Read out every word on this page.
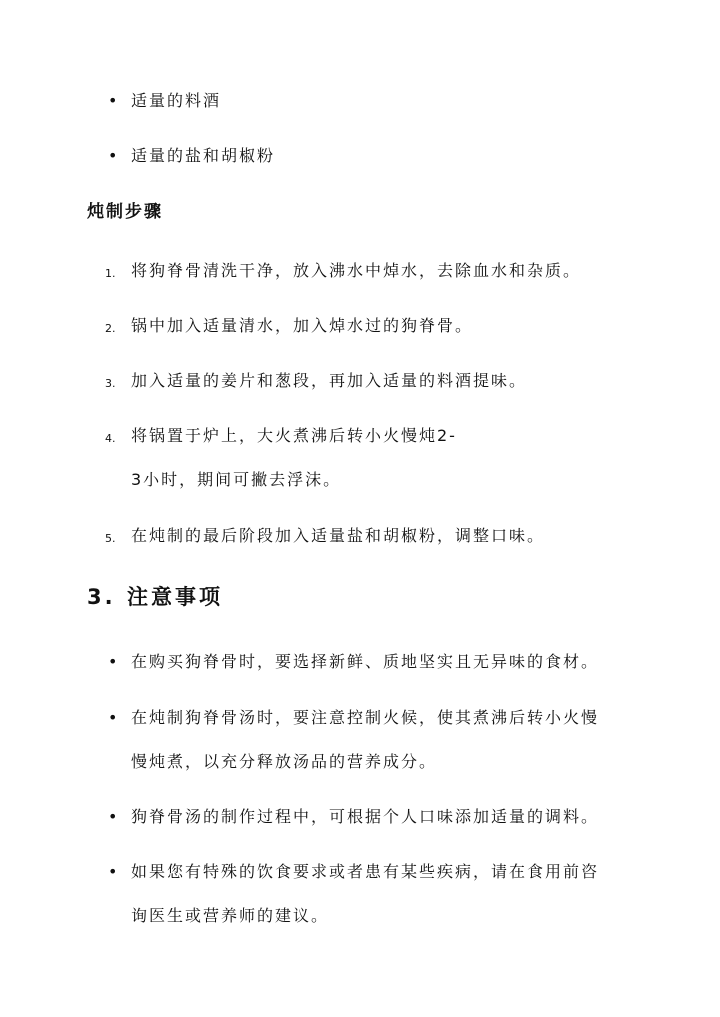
• 适量的料酒
• 适量的盐和胡椒粉
炖制步骤
1. 将狗脊骨清洗干净，放入沸水中焯水，去除血水和杂质。
2. 锅中加入适量清水，加入焯水过的狗脊骨。
3. 加入适量的姜片和葱段，再加入适量的料酒提味。
4. 将锅置于炉上，大火煮沸后转小火慢炖2-
3小时，期间可撇去浮沫。
5. 在炖制的最后阶段加入适量盐和胡椒粉，调整口味。
3. 注意事项
• 在购买狗脊骨时，要选择新鲜、质地坚实且无异味的食材。
• 在炖制狗脊骨汤时，要注意控制火候，使其煮沸后转小火慢
慢炖煮，以充分释放汤品的营养成分。
• 狗脊骨汤的制作过程中，可根据个人口味添加适量的调料。
• 如果您有特殊的饮食要求或者患有某些疾病，请在食用前咨
询医生或营养师的建议。
